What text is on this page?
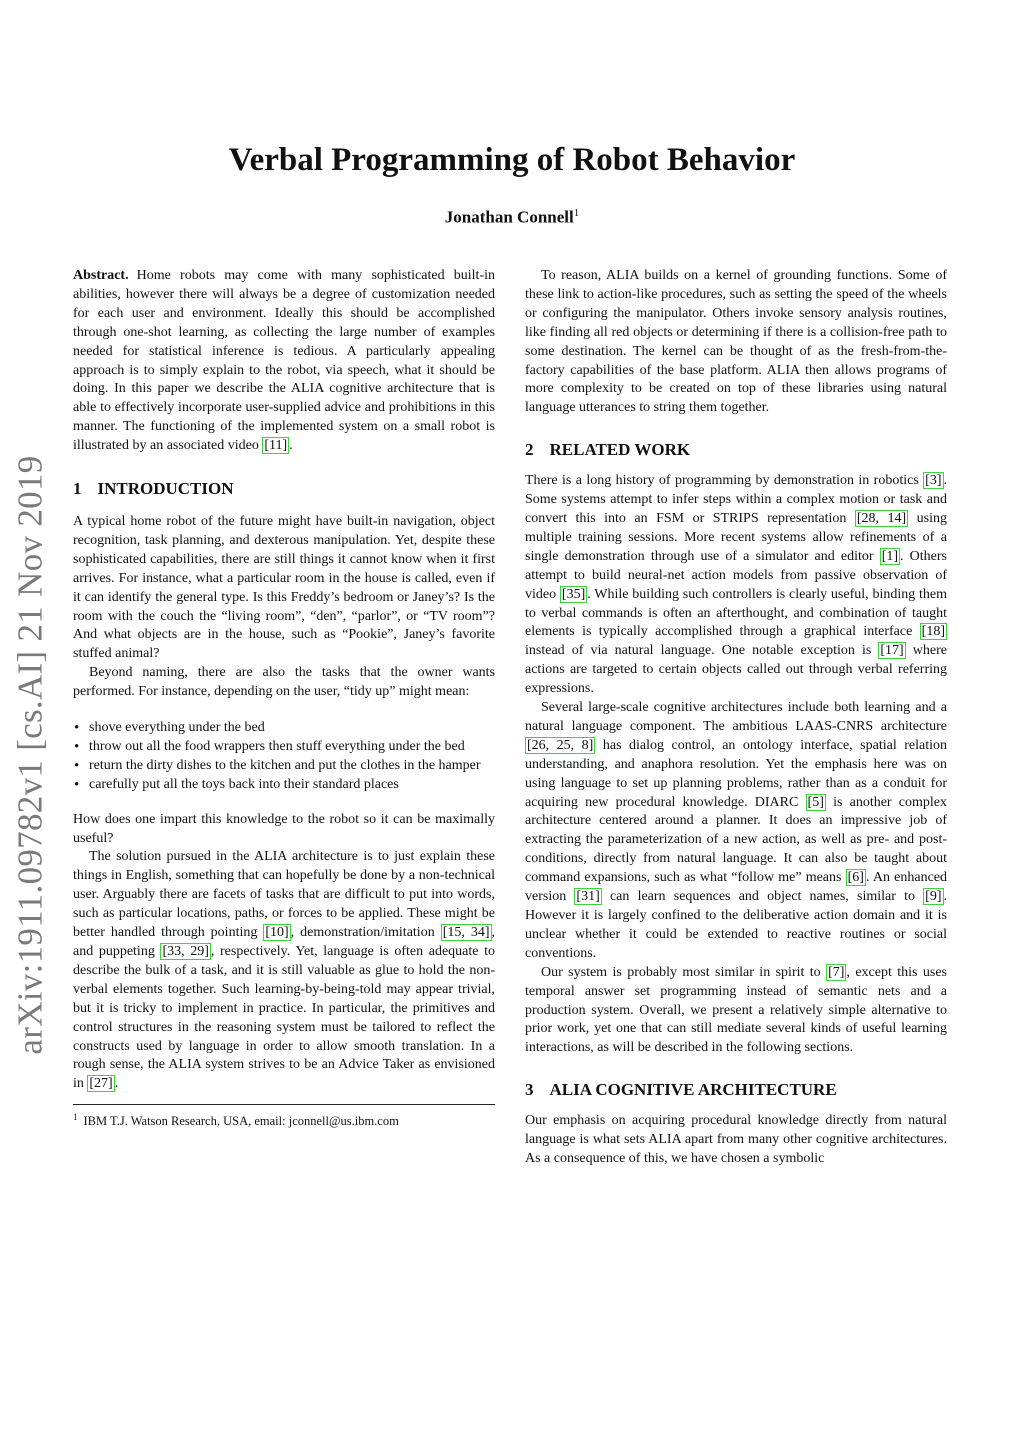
arXiv:1911.09782v1 [cs.AI] 21 Nov 2019
Verbal Programming of Robot Behavior
Jonathan Connell$^1$

Abstract. Home robots may come with many sophisticated built-in abilities, however there will always be a degree of customization needed for each user and environment. Ideally this should be accomplished through one-shot learning, as collecting the large number of examples needed for statistical inference is tedious. A particularly appealing approach is to simply explain to the robot, via speech, what it should be doing. In this paper we describe the ALIA cognitive architecture that is able to effectively incorporate user-supplied advice and prohibitions in this manner. The functioning of the implemented system on a small robot is illustrated by an associated video [11] .

1 INTRODUCTION

A typical home robot of the future might have built-in navigation, object recognition, task planning, and dexterous manipulation. Yet, despite these sophisticated capabilities, there are still things it cannot know when it first arrives. For instance, what a particular room in the house is called, even if it can identify the general type. Is this Freddy’s bedroom or Janey’s? Is the room with the couch the “living room”, “den”, “parlor”, or “TV room”? And what objects are in the house, such as “Pookie”, Janey’s favorite stuffed animal?

Beyond naming, there are also the tasks that the owner wants performed. For instance, depending on the user, “tidy up” might mean:

• shove everything under the bed
• throw out all the food wrappers then stuff everything under the bed
• return the dirty dishes to the kitchen and put the clothes in the hamper
• carefully put all the toys back into their standard places

How does one impart this knowledge to the robot so it can be maximally useful?

The solution pursued in the ALIA architecture is to just explain these things in English, something that can hopefully be done by a non-technical user. Arguably there are facets of tasks that are difficult to put into words, such as particular locations, paths, or forces to be applied. These might be better handled through pointing [10] , demonstration/imitation [15, 34] , and puppeting [33, 29] , respectively. Yet, language is often adequate to describe the bulk of a task, and it is still valuable as glue to hold the non-verbal elements together. Such learning-by-being-told may appear trivial, but it is tricky to implement in practice. In particular, the primitives and control structures in the reasoning system must be tailored to reflect the constructs used by language in order to allow smooth translation. In a rough sense, the ALIA system strives to be an Advice Taker as envisioned in [27] .

$^1$ IBM T.J. Watson Research, USA, email: jconnell@us.ibm.com

To reason, ALIA builds on a kernel of grounding functions. Some of these link to action-like procedures, such as setting the speed of the wheels or configuring the manipulator. Others invoke sensory analysis routines, like finding all red objects or determining if there is a collision-free path to some destination. The kernel can be thought of as the fresh-from-the-factory capabilities of the base platform. ALIA then allows programs of more complexity to be created on top of these libraries using natural language utterances to string them together.

2 RELATED WORK

There is a long history of programming by demonstration in robotics [3] . Some systems attempt to infer steps within a complex motion or task and convert this into an FSM or STRIPS representation [28, 14] using multiple training sessions. More recent systems allow refinements of a single demonstration through use of a simulator and editor [1] . Others attempt to build neural-net action models from passive observation of video [35] . While building such controllers is clearly useful, binding them to verbal commands is often an afterthought, and combination of taught elements is typically accomplished through a graphical interface [18] instead of via natural language. One notable exception is [17] where actions are targeted to certain objects called out through verbal referring expressions.

Several large-scale cognitive architectures include both learning and a natural language component. The ambitious LAAS-CNRS architecture [26, 25, 8] has dialog control, an ontology interface, spatial relation understanding, and anaphora resolution. Yet the emphasis here was on using language to set up planning problems, rather than as a conduit for acquiring new procedural knowledge. DIARC [5] is another complex architecture centered around a planner. It does an impressive job of extracting the parameterization of a new action, as well as pre- and post-conditions, directly from natural language. It can also be taught about command expansions, such as what “follow me” means [6] . An enhanced version [31] can learn sequences and object names, similar to [9] . However it is largely confined to the deliberative action domain and it is unclear whether it could be extended to reactive routines or social conventions.

Our system is probably most similar in spirit to [7] , except this uses temporal answer set programming instead of semantic nets and a production system. Overall, we present a relatively simple alternative to prior work, yet one that can still mediate several kinds of useful learning interactions, as will be described in the following sections.

3 ALIA COGNITIVE ARCHITECTURE

Our emphasis on acquiring procedural knowledge directly from natural language is what sets ALIA apart from many other cognitive architectures. As a consequence of this, we have chosen a symbolic
